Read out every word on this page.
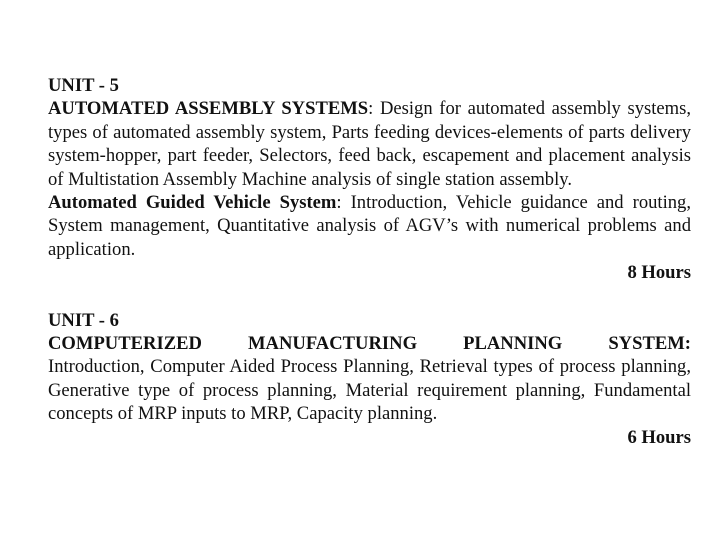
UNIT - 5

AUTOMATED ASSEMBLY SYSTEMS: Design for automated assembly systems, types of automated assembly system, Parts feeding devices-elements of parts delivery system-hopper, part feeder, Selectors, feed back, escapement and placement analysis of Multistation Assembly Machine analysis of single station assembly.

Automated Guided Vehicle System: Introduction, Vehicle guidance and routing, System management, Quantitative analysis of AGV’s with numerical problems and application.

8 Hours

UNIT - 6

COMPUTERIZED MANUFACTURING PLANNING SYSTEM:

Introduction, Computer Aided Process Planning, Retrieval types of process planning, Generative type of process planning, Material requirement planning, Fundamental concepts of MRP inputs to MRP, Capacity planning.

6 Hours
